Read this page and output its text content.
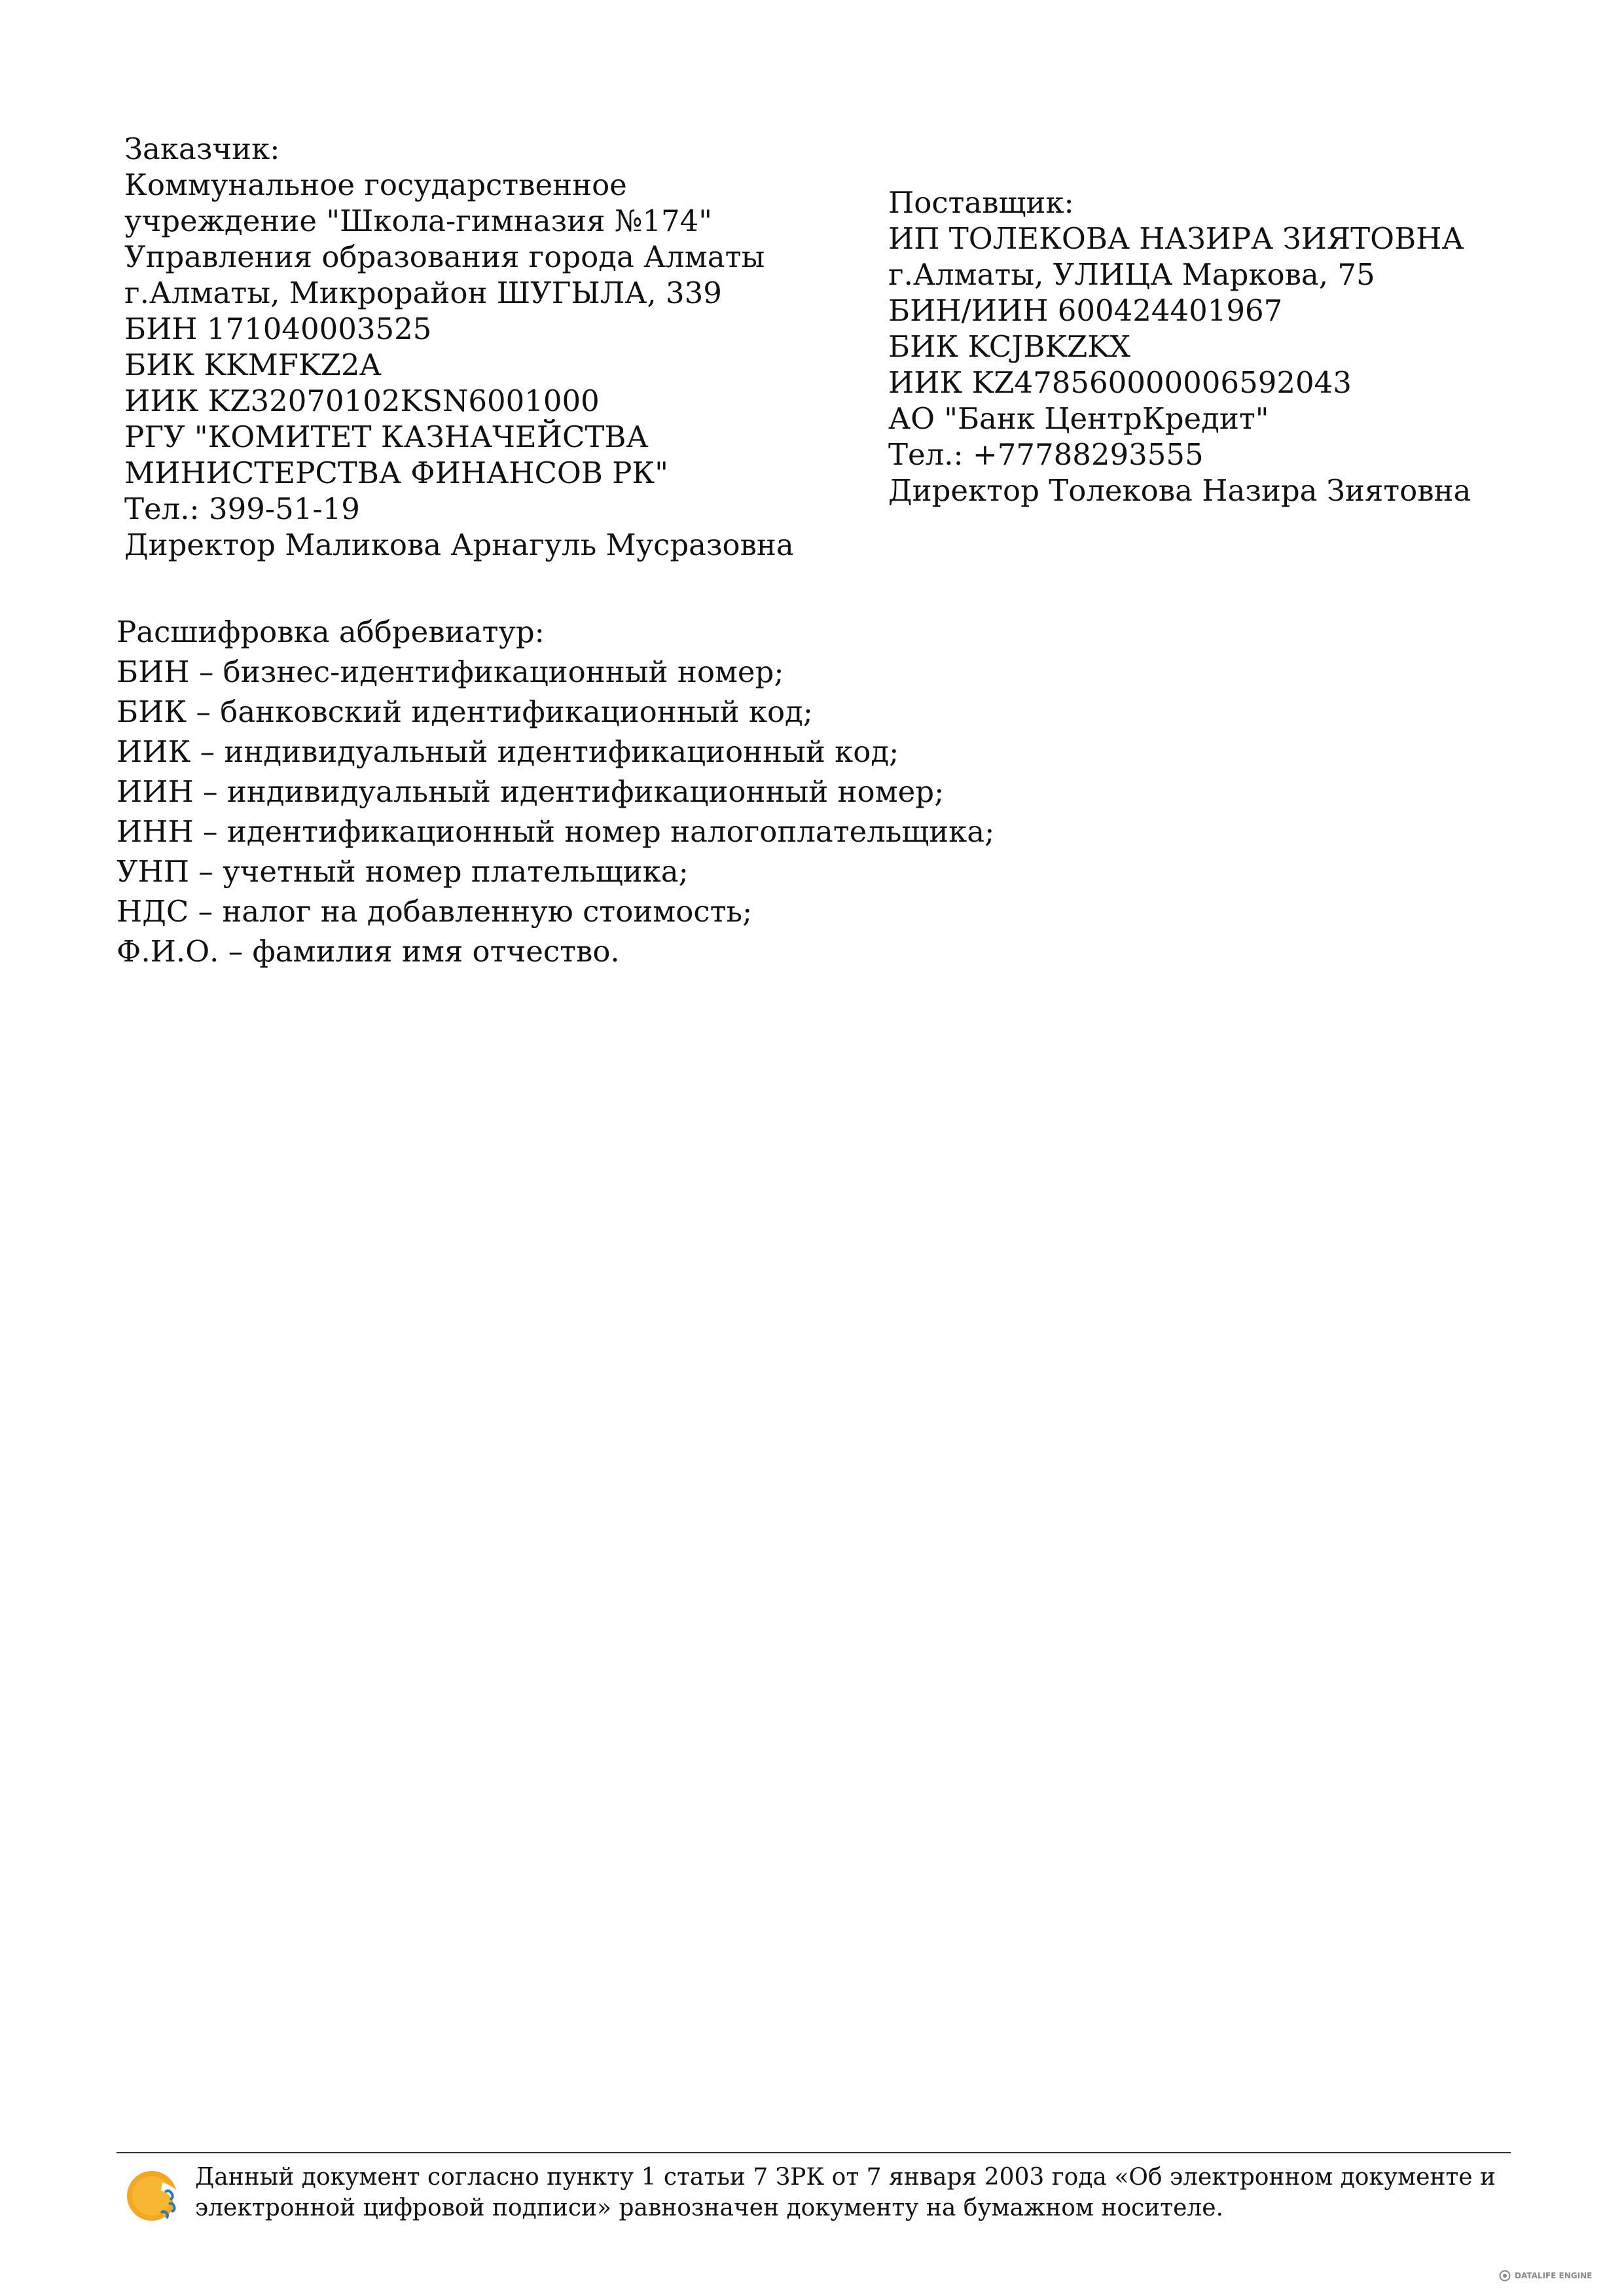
Заказчик:
Коммунальное государственное
учреждение "Школа-гимназия №174"
Управления образования города Алматы
г.Алматы, Микрорайон ШУГЫЛА, 339
БИН 171040003525
БИК KKMFKZ2A
ИИК KZ32070102KSN6001000
РГУ "КОМИТЕТ КАЗНАЧЕЙСТВА
МИНИСТЕРСТВА ФИНАНСОВ РК"
Тел.: 399-51-19
Директор Маликова Арнагуль Мусразовна
Поставщик:
ИП ТОЛЕКОВА НАЗИРА ЗИЯТОВНА
г.Алматы, УЛИЦА Маркова, 75
БИН/ИИН 600424401967
БИК KCJBKZKX
ИИК KZ478560000006592043
АО "Банк ЦентрКредит"
Тел.: +77788293555
Директор Толекова Назира Зиятовна
Расшифровка аббревиатур:
БИН – бизнес-идентификационный номер;
БИК – банковский идентификационный код;
ИИК – индивидуальный идентификационный код;
ИИН – индивидуальный идентификационный номер;
ИНН – идентификационный номер налогоплательщика;
УНП – учетный номер плательщика;
НДС – налог на добавленную стоимость;
Ф.И.О. – фамилия имя отчество.
Данный документ согласно пункту 1 статьи 7 ЗРК от 7 января 2003 года «Об электронном документе и
электронной цифровой подписи» равнозначен документу на бумажном носителе.
DATALIFE ENGINE
